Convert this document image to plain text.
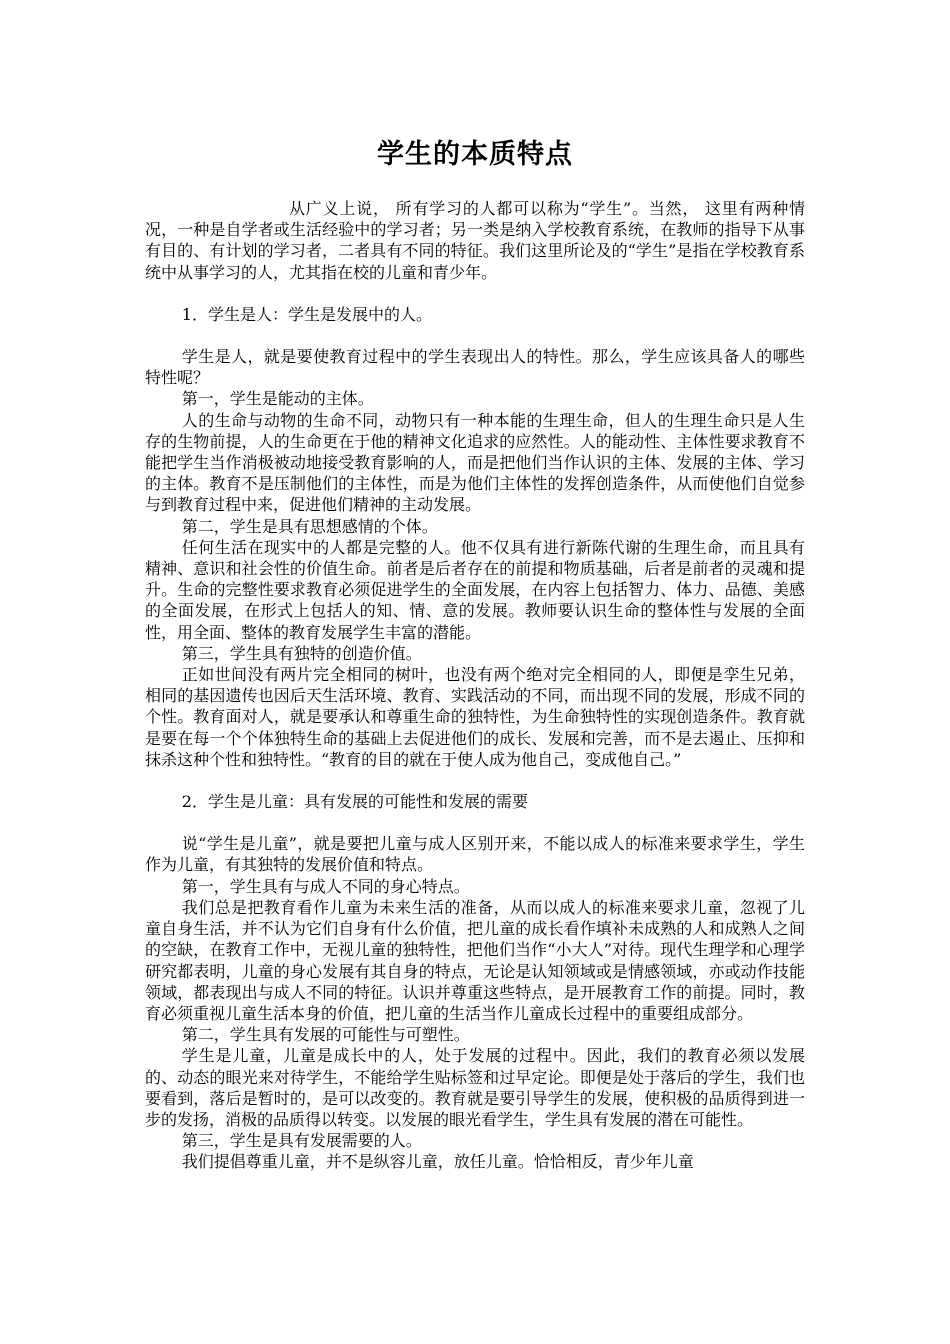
学生的本质特点

从广义上说， 所有学习的人都可以称为“学生”。当然， 这里有两种情况，一种是自学者或生活经验中的学习者；另一类是纳入学校教育系统，在教师的指导下从事有目的、有计划的学习者，二者具有不同的特征。我们这里所论及的“学生”是指在学校教育系统中从事学习的人，尤其指在校的儿童和青少年。

1．学生是人：学生是发展中的人。

学生是人，就是要使教育过程中的学生表现出人的特性。那么，学生应该具备人的哪些特性呢？

第一，学生是能动的主体。

人的生命与动物的生命不同，动物只有一种本能的生理生命，但人的生理生命只是人生存的生物前提，人的生命更在于他的精神文化追求的应然性。人的能动性、主体性要求教育不能把学生当作消极被动地接受教育影响的人，而是把他们当作认识的主体、发展的主体、学习的主体。教育不是压制他们的主体性，而是为他们主体性的发挥创造条件，从而使他们自觉参与到教育过程中来，促进他们精神的主动发展。

第二，学生是具有思想感情的个体。

任何生活在现实中的人都是完整的人。他不仅具有进行新陈代谢的生理生命，而且具有精神、意识和社会性的价值生命。前者是后者存在的前提和物质基础，后者是前者的灵魂和提升。生命的完整性要求教育必须促进学生的全面发展，在内容上包括智力、体力、品德、美感的全面发展，在形式上包括人的知、情、意的发展。教师要认识生命的整体性与发展的全面性，用全面、整体的教育发展学生丰富的潜能。

第三，学生具有独特的创造价值。

正如世间没有两片完全相同的树叶，也没有两个绝对完全相同的人，即便是孪生兄弟，相同的基因遗传也因后天生活环境、教育、实践活动的不同，而出现不同的发展，形成不同的个性。教育面对人，就是要承认和尊重生命的独特性，为生命独特性的实现创造条件。教育就是要在每一个个体独特生命的基础上去促进他们的成长、发展和完善，而不是去遏止、压抑和抹杀这种个性和独特性。“教育的目的就在于使人成为他自己，变成他自己。”

2．学生是儿童：具有发展的可能性和发展的需要

说“学生是儿童”，就是要把儿童与成人区别开来，不能以成人的标准来要求学生，学生作为儿童，有其独特的发展价值和特点。

第一，学生具有与成人不同的身心特点。

我们总是把教育看作儿童为未来生活的准备，从而以成人的标准来要求儿童，忽视了儿童自身生活，并不认为它们自身有什么价值，把儿童的成长看作填补未成熟的人和成熟人之间的空缺，在教育工作中，无视儿童的独特性，把他们当作“小大人”对待。现代生理学和心理学研究都表明，儿童的身心发展有其自身的特点，无论是认知领域或是情感领域，亦或动作技能领域，都表现出与成人不同的特征。认识并尊重这些特点，是开展教育工作的前提。同时，教育必须重视儿童生活本身的价值，把儿童的生活当作儿童成长过程中的重要组成部分。

第二，学生具有发展的可能性与可塑性。

学生是儿童，儿童是成长中的人，处于发展的过程中。因此，我们的教育必须以发展的、动态的眼光来对待学生，不能给学生贴标签和过早定论。即便是处于落后的学生，我们也要看到，落后是暂时的，是可以改变的。教育就是要引导学生的发展，使积极的品质得到进一步的发扬，消极的品质得以转变。以发展的眼光看学生，学生具有发展的潜在可能性。

第三，学生是具有发展需要的人。

我们提倡尊重儿童，并不是纵容儿童，放任儿童。恰恰相反，青少年儿童
